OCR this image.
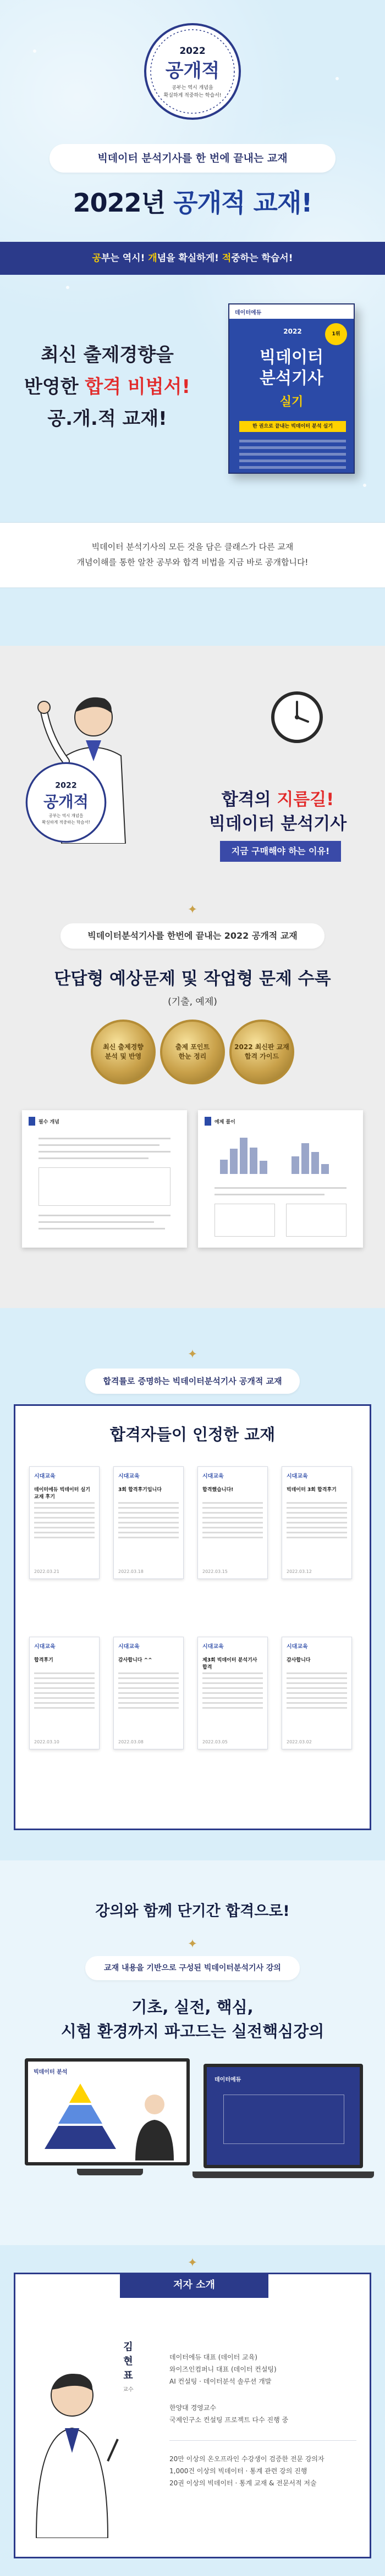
2022
공개적
공부는 역시 개념을
확실하게 적중하는 학습서!
빅데이터 분석기사를 한 번에 끝내는 교재
2022년 공개적 교재!
공부는 역시! 개념을 확실하게! 적중하는 학습서!
최신 출제경향을
반영한 합격 비법서!
공.개.적 교재!
데이터에듀
1위
2022
빅데이터
분석기사
실기
한 권으로 끝내는 빅데이터 분석 실기
빅데이터 분석기사의 모든 것을 담은 클래스가 다른 교재
개념이해를 통한 알찬 공부와 합격 비법을 지금 바로 공개합니다!
2022
공개적
공부는 역시 개념을
확실하게 적중하는 학습서!
합격의 지름길!
빅데이터 분석기사
지금 구매해야 하는 이유!
✦
빅데이터분석기사를 한번에 끝내는 2022 공개적 교재
단답형 예상문제 및 작업형 문제 수록
(기출, 예제)
최신 출제경향
분석 및 반영
출제 포인트
한눈 정리
2022 최신판 교재
합격 가이드
필수 개념	예제 풀이
✦
합격률로 증명하는 빅데이터분석기사 공개적 교재
합격자들이 인정한 교재
시대교육
데이터에듀 빅데이터 실기 교재 후기
2022.03.21
시대교육
3회 합격후기입니다
2022.03.18
시대교육
합격했습니다!
2022.03.15
시대교육
빅데이터 3회 합격후기
2022.03.12
시대교육
합격후기
2022.03.10
시대교육
감사합니다 ^^
2022.03.08
시대교육
제3회 빅데이터 분석기사 합격
2022.03.05
시대교육
감사합니다
2022.03.02
강의와 함께 단기간 합격으로!
✦
교재 내용을 기반으로 구성된 빅데이터분석기사 강의
기초, 실전, 핵심,
시험 환경까지 파고드는 실전핵심강의
빅데이터 분석
데이터에듀
✦
저자 소개
김 현 표
교수
데이터에듀 대표 (데이터 교육)
와이즈인컴퍼니 대표 (데이터 컨설팅)
AI 컨설팅 · 데이터분석 솔루션 개발
한양대 경영교수
국제인구소 컨설팅 프로젝트 다수 진행 중
20만 이상의 온오프라인 수강생이 검증한 전문 강의자
1,000건 이상의 빅데이터 · 통계 관련 강의 진행
20권 이상의 빅데이터 · 통계 교재 & 전문서적 저술
